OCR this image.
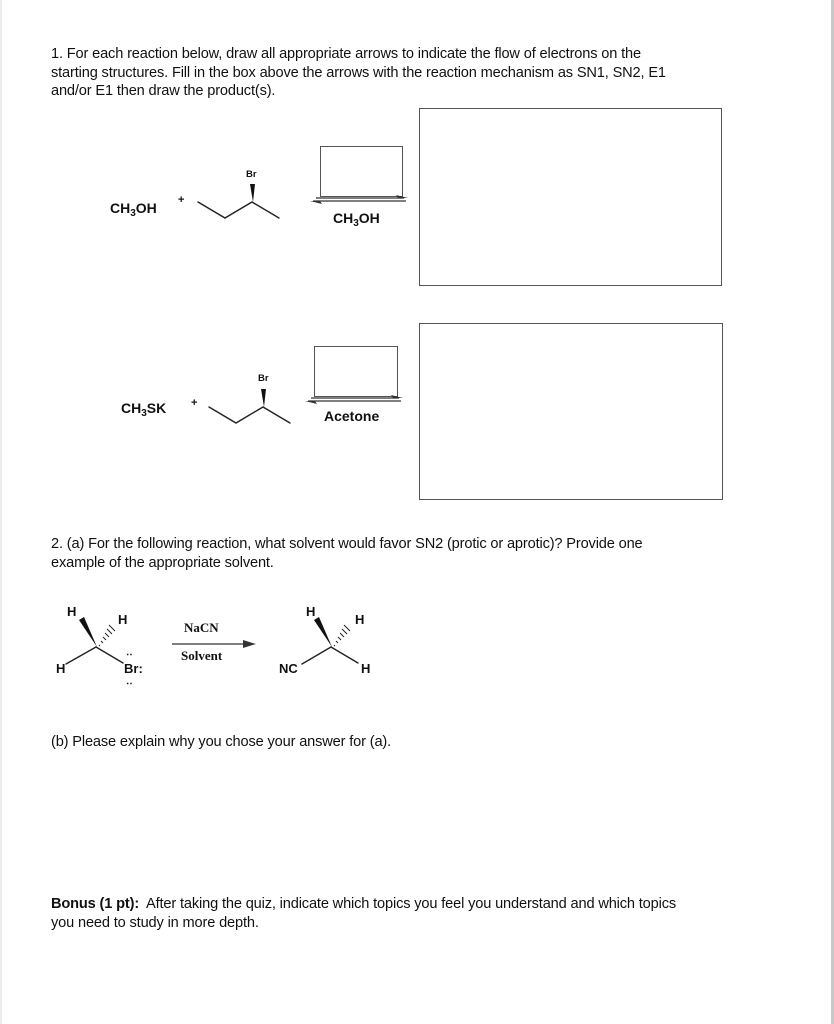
1. For each reaction below, draw all appropriate arrows to indicate the flow of electrons on the
starting structures. Fill in the box above the arrows with the reaction mechanism as SN1, SN2, E1
and/or E1 then draw the product(s).
$CH_3OH$ +
Br
$CH_3OH$
$CH_3SK$ +
Br
Acetone
2. (a) For the following reaction, what solvent would favor SN2 (protic or aprotic)? Provide one
example of the appropriate solvent.
H
H
H	Br:
‥
‥
NaCN
Solvent
H
H
H
NC
(b) Please explain why you chose your answer for (a).
Bonus (1 pt):  After taking the quiz, indicate which topics you feel you understand and which topics
you need to study in more depth.
